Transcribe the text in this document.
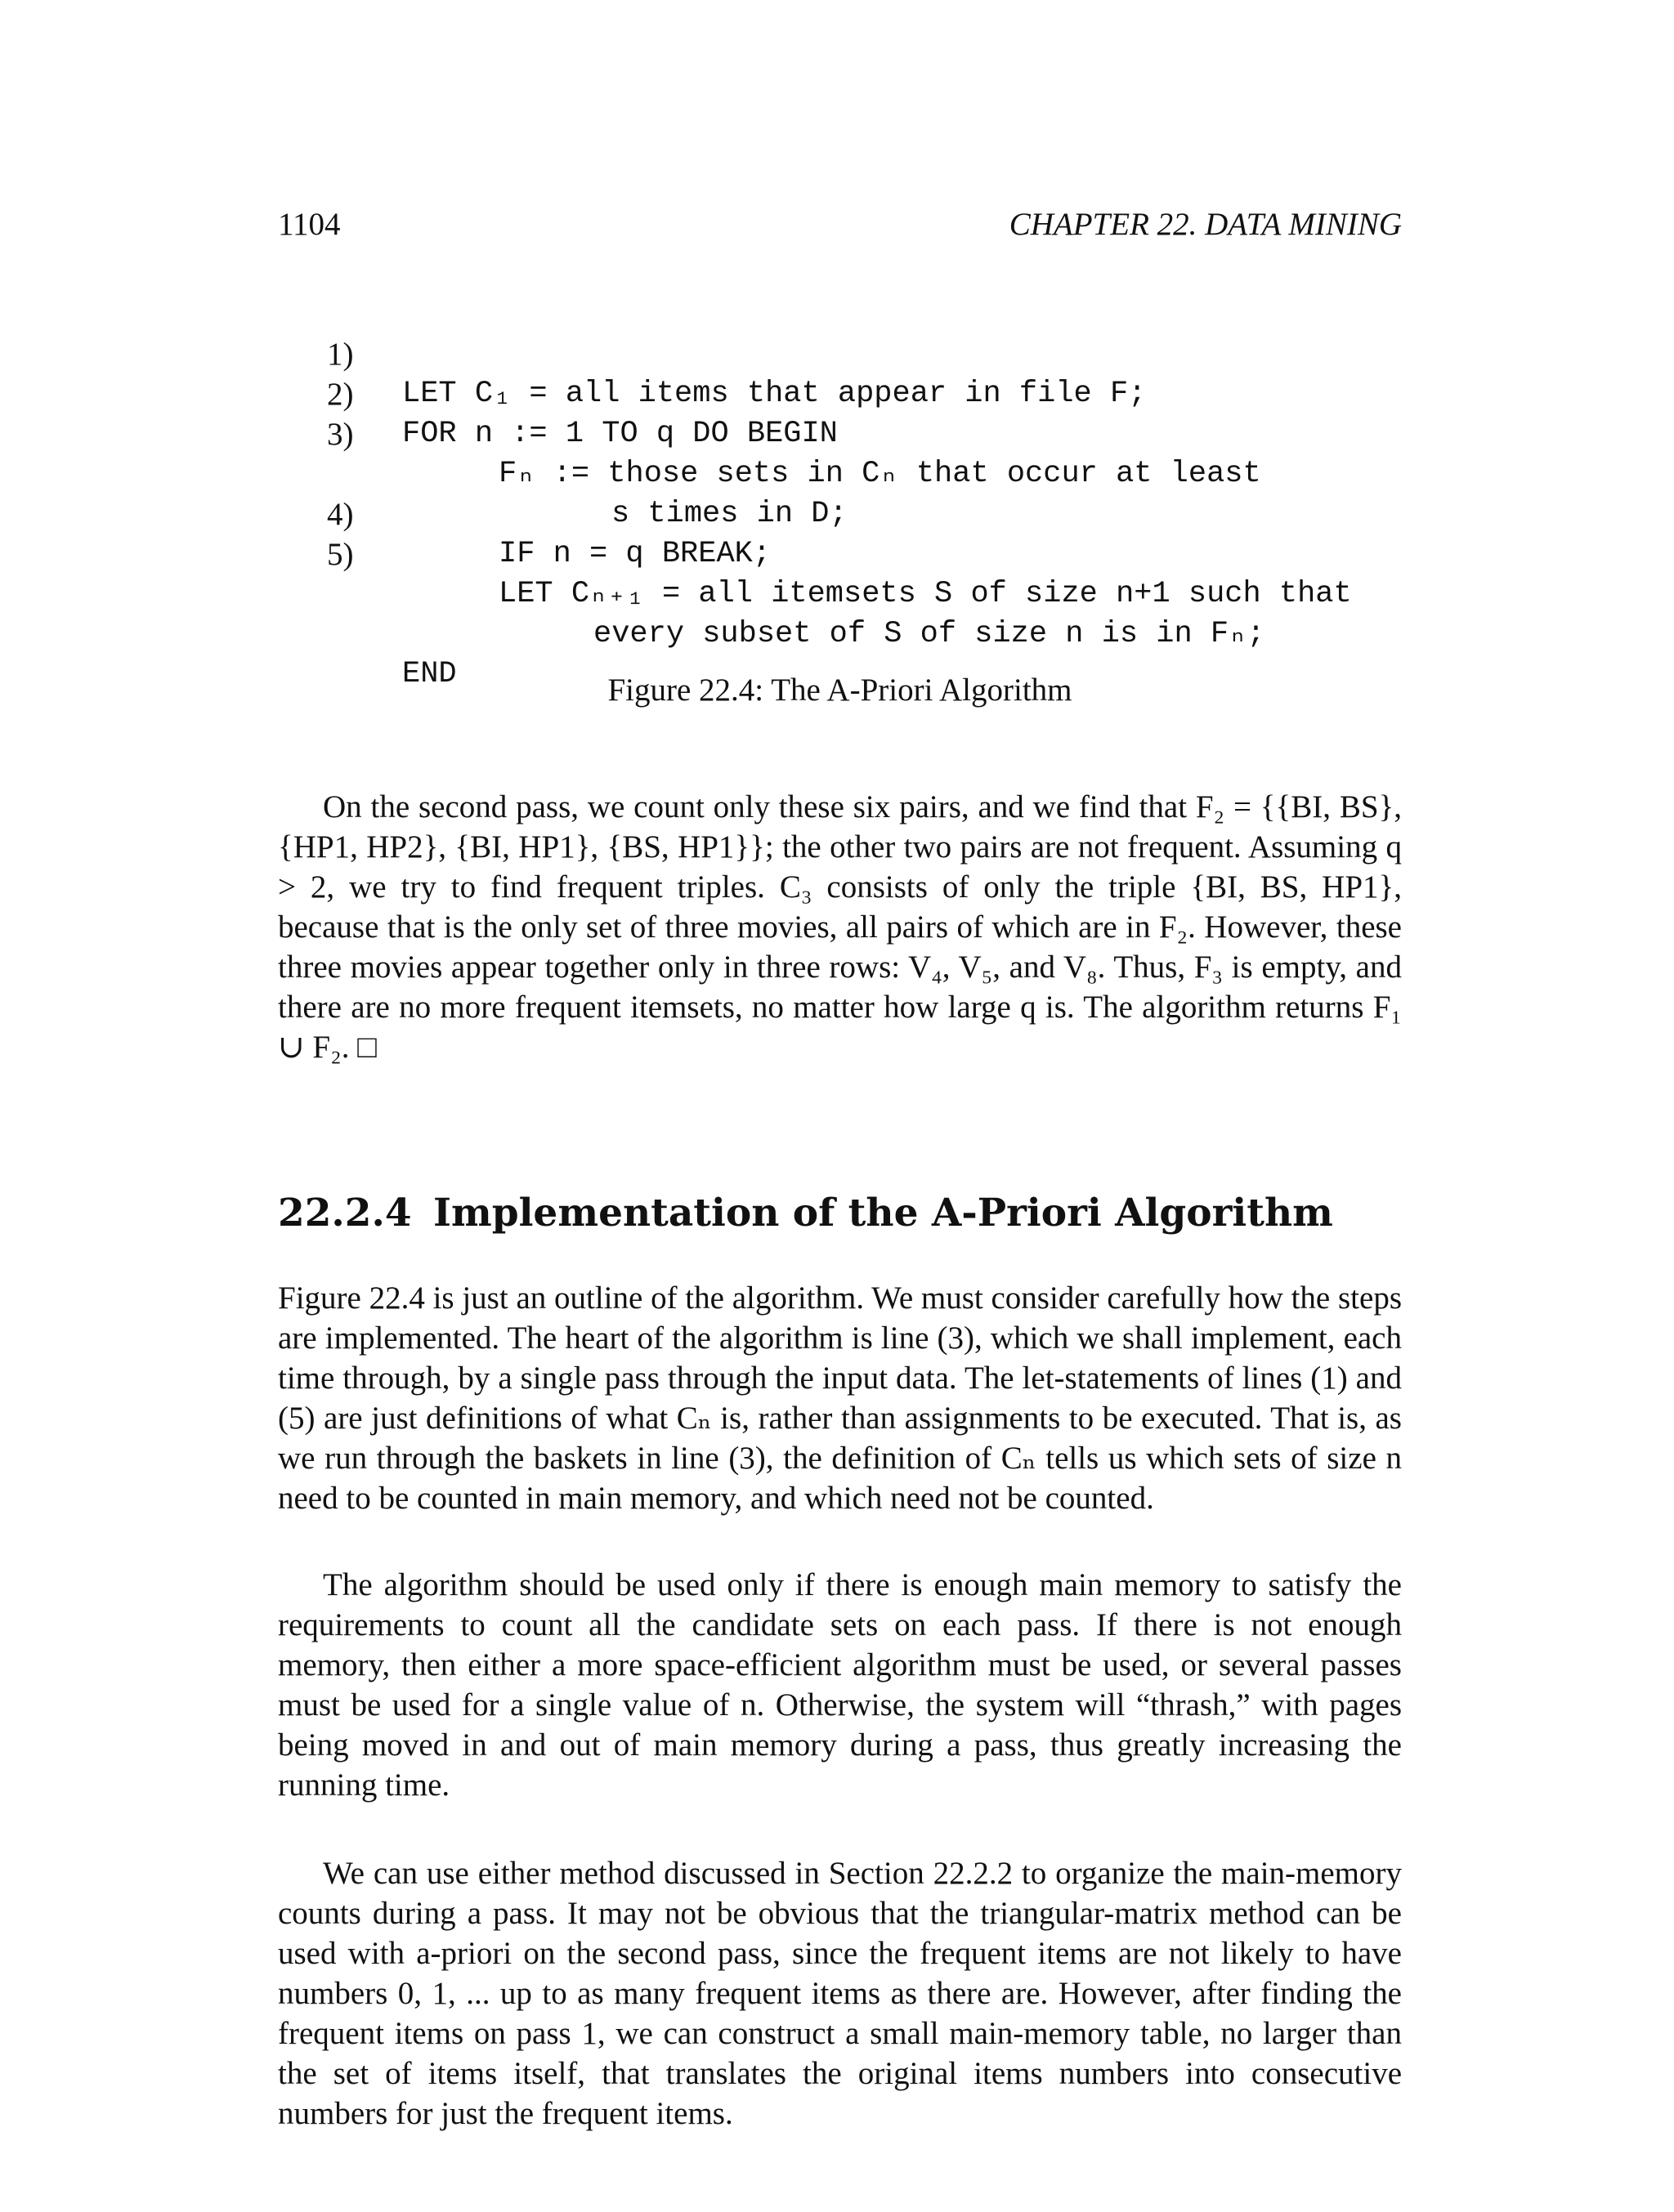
1104	CHAPTER 22. DATA MINING

1)

LET C₁ = all items that appear in file F;

2)

FOR n := 1 TO q DO BEGIN

3)

Fₙ := those sets in Cₙ that occur at least

s times in D;

4)

IF n = q BREAK;

5)

LET Cₙ₊₁ = all itemsets S of size n+1 such that

every subset of S of size n is in Fₙ;

END

	Figure 22.4: The A-Priori Algorithm

On the second pass, we count only these six pairs, and we find that F₂ = {{BI, BS}, {HP1, HP2}, {BI, HP1}, {BS, HP1}}; the other two pairs are not frequent. Assuming q > 2, we try to find frequent triples. C₃ consists of only the triple {BI, BS, HP1}, because that is the only set of three movies, all pairs of which are in F₂. However, these three movies appear together only in three rows: V₄, V₅, and V₈. Thus, F₃ is empty, and there are no more frequent itemsets, no matter how large q is. The algorithm returns F₁ ∪ F₂. □

22.2.4 Implementation of the A-Priori Algorithm

Figure 22.4 is just an outline of the algorithm. We must consider carefully how the steps are implemented. The heart of the algorithm is line (3), which we shall implement, each time through, by a single pass through the input data. The let-statements of lines (1) and (5) are just definitions of what Cₙ is, rather than assignments to be executed. That is, as we run through the baskets in line (3), the definition of Cₙ tells us which sets of size n need to be counted in main memory, and which need not be counted.

The algorithm should be used only if there is enough main memory to satisfy the requirements to count all the candidate sets on each pass. If there is not enough memory, then either a more space-efficient algorithm must be used, or several passes must be used for a single value of n. Otherwise, the system will “thrash,” with pages being moved in and out of main memory during a pass, thus greatly increasing the running time.

We can use either method discussed in Section 22.2.2 to organize the main-memory counts during a pass. It may not be obvious that the triangular-matrix method can be used with a-priori on the second pass, since the frequent items are not likely to have numbers 0, 1, ... up to as many frequent items as there are. However, after finding the frequent items on pass 1, we can construct a small main-memory table, no larger than the set of items itself, that translates the original items numbers into consecutive numbers for just the frequent items.
